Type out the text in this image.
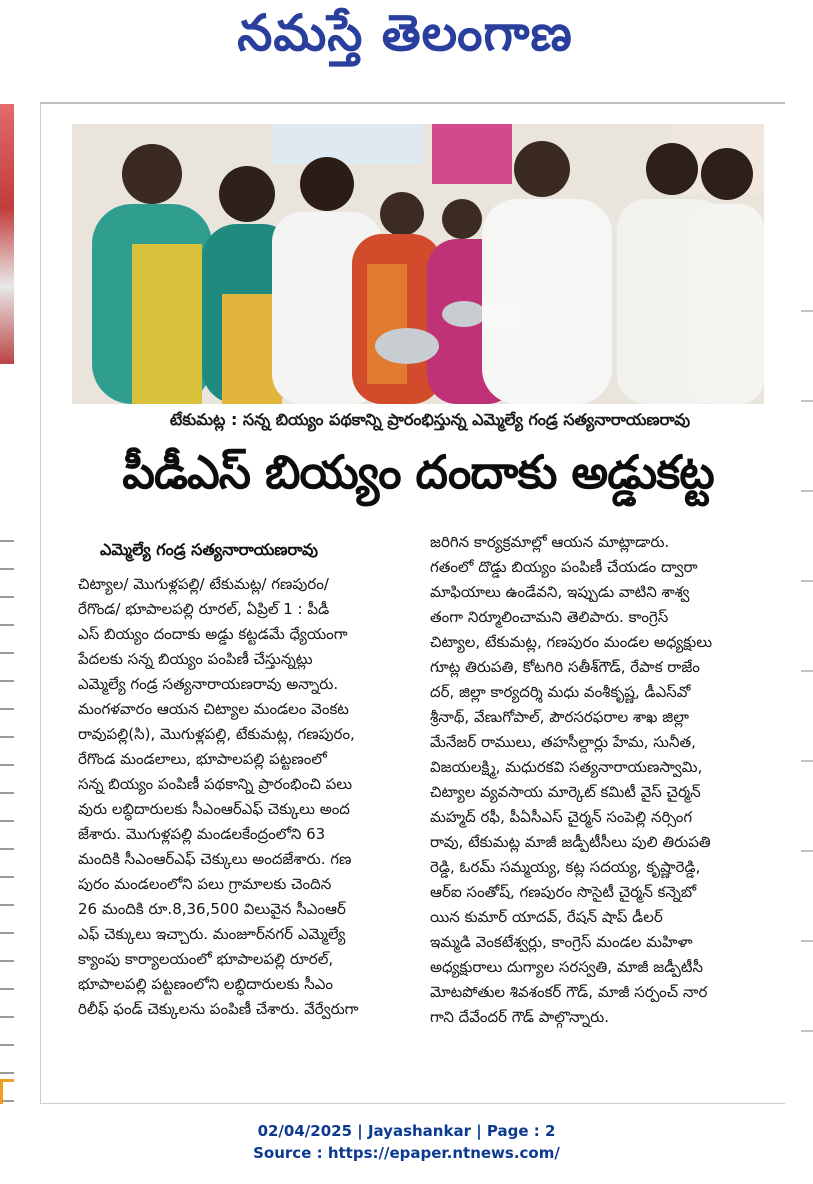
నమస్తే తెలంగాణ
టేకుమట్ల : సన్న బియ్యం పథకాన్ని ప్రారంభిస్తున్న ఎమ్మెల్యే గండ్ర సత్యనారాయణరావు
పీడీఎస్ బియ్యం దందాకు అడ్డుకట్ట
ఎమ్మెల్యే గండ్ర సత్యనారాయణరావు
చిట్యాల/ మొగుళ్లపల్లి/ టేకుమట్ల/ గణపురం/
రేగొండ/ భూపాలపల్లి రూరల్, ఏప్రిల్ 1 : పీడీ
ఎస్ బియ్యం దందాకు అడ్డు కట్టడమే ధ్యేయంగా
పేదలకు సన్న బియ్యం పంపిణీ చేస్తున్నట్లు
ఎమ్మెల్యే గండ్ర సత్యనారాయణరావు అన్నారు.
మంగళవారం ఆయన చిట్యాల మండలం వెంకట
రావుపల్లి(సి), మొగుళ్లపల్లి, టేకుమట్ల, గణపురం,
రేగొండ మండలాలు, భూపాలపల్లి పట్టణంలో
సన్న బియ్యం పంపిణీ పథకాన్ని ప్రారంభించి పలు
వురు లబ్ధిదారులకు సీఎంఆర్ఎఫ్ చెక్కులు అంద
జేశారు. మొగుళ్లపల్లి మండలకేంద్రంలోని 63
మందికి సీఎంఆర్ఎఫ్ చెక్కులు అందజేశారు. గణ
పురం మండలంలోని పలు గ్రామాలకు చెందిన
26 మందికి రూ.8,36,500 విలువైన సీఎంఆర్
ఎఫ్ చెక్కులు ఇచ్చారు. మంజూర్‌నగర్ ఎమ్మెల్యే
క్యాంపు కార్యాలయంలో భూపాలపల్లి రూరల్,
భూపాలపల్లి పట్టణంలోని లబ్ధిదారులకు సీఎం
రిలీఫ్ ఫండ్ చెక్కులను పంపిణీ చేశారు. వేర్వేరుగా
జరిగిన కార్యక్రమాల్లో ఆయన మాట్లాడారు.
గతంలో దొడ్డు బియ్యం పంపిణీ చేయడం ద్వారా
మాఫియాలు ఉండేవని, ఇప్పుడు వాటిని శాశ్వ
తంగా నిర్మూలించామని తెలిపారు. కాంగ్రెస్
చిట్యాల, టేకుమట్ల, గణపురం మండల అధ్యక్షులు
గూట్ల తిరుపతి, కోటగిరి సతీశ్‌గౌడ్, రేపాక రాజేం
దర్, జిల్లా కార్యదర్శి మధు వంశీకృష్ణ, డీఎస్‌వో
శ్రీనాథ్, వేణుగోపాల్, పౌరసరఫరాల శాఖ జిల్లా
మేనేజర్ రాములు, తహసీల్దార్లు హేమ, సునీత,
విజయలక్ష్మి, మధురకవి సత్యనారాయణస్వామి,
చిట్యాల వ్యవసాయ మార్కెట్ కమిటీ వైస్ చైర్మన్
మహ్మద్ రఫీ, పీఏసీఎస్ చైర్మన్ సంపెల్లి నర్సింగ
రావు, టేకుమట్ల మాజీ జడ్పీటీసీలు పులి తిరుపతి
రెడ్డి, ఓరమ్ సమ్మయ్య, కట్ల సదయ్య, కృష్ణారెడ్డి,
ఆర్ఐ సంతోష్, గణపురం సొసైటీ చైర్మన్ కన్నెబో
యిన కుమార్ యాదవ్, రేషన్ షాప్ డీలర్
ఇమ్మడి వెంకటేశ్వర్లు, కాంగ్రెస్ మండల మహిళా
అధ్యక్షురాలు దుగ్యాల సరస్వతి, మాజీ జడ్పీటీసీ
మోటపోతుల శివశంకర్ గౌడ్, మాజీ సర్పంచ్ నార
గాని దేవేందర్ గౌడ్ పాల్గొన్నారు.
02/04/2025 | Jayashankar | Page : 2
Source : https://epaper.ntnews.com/
